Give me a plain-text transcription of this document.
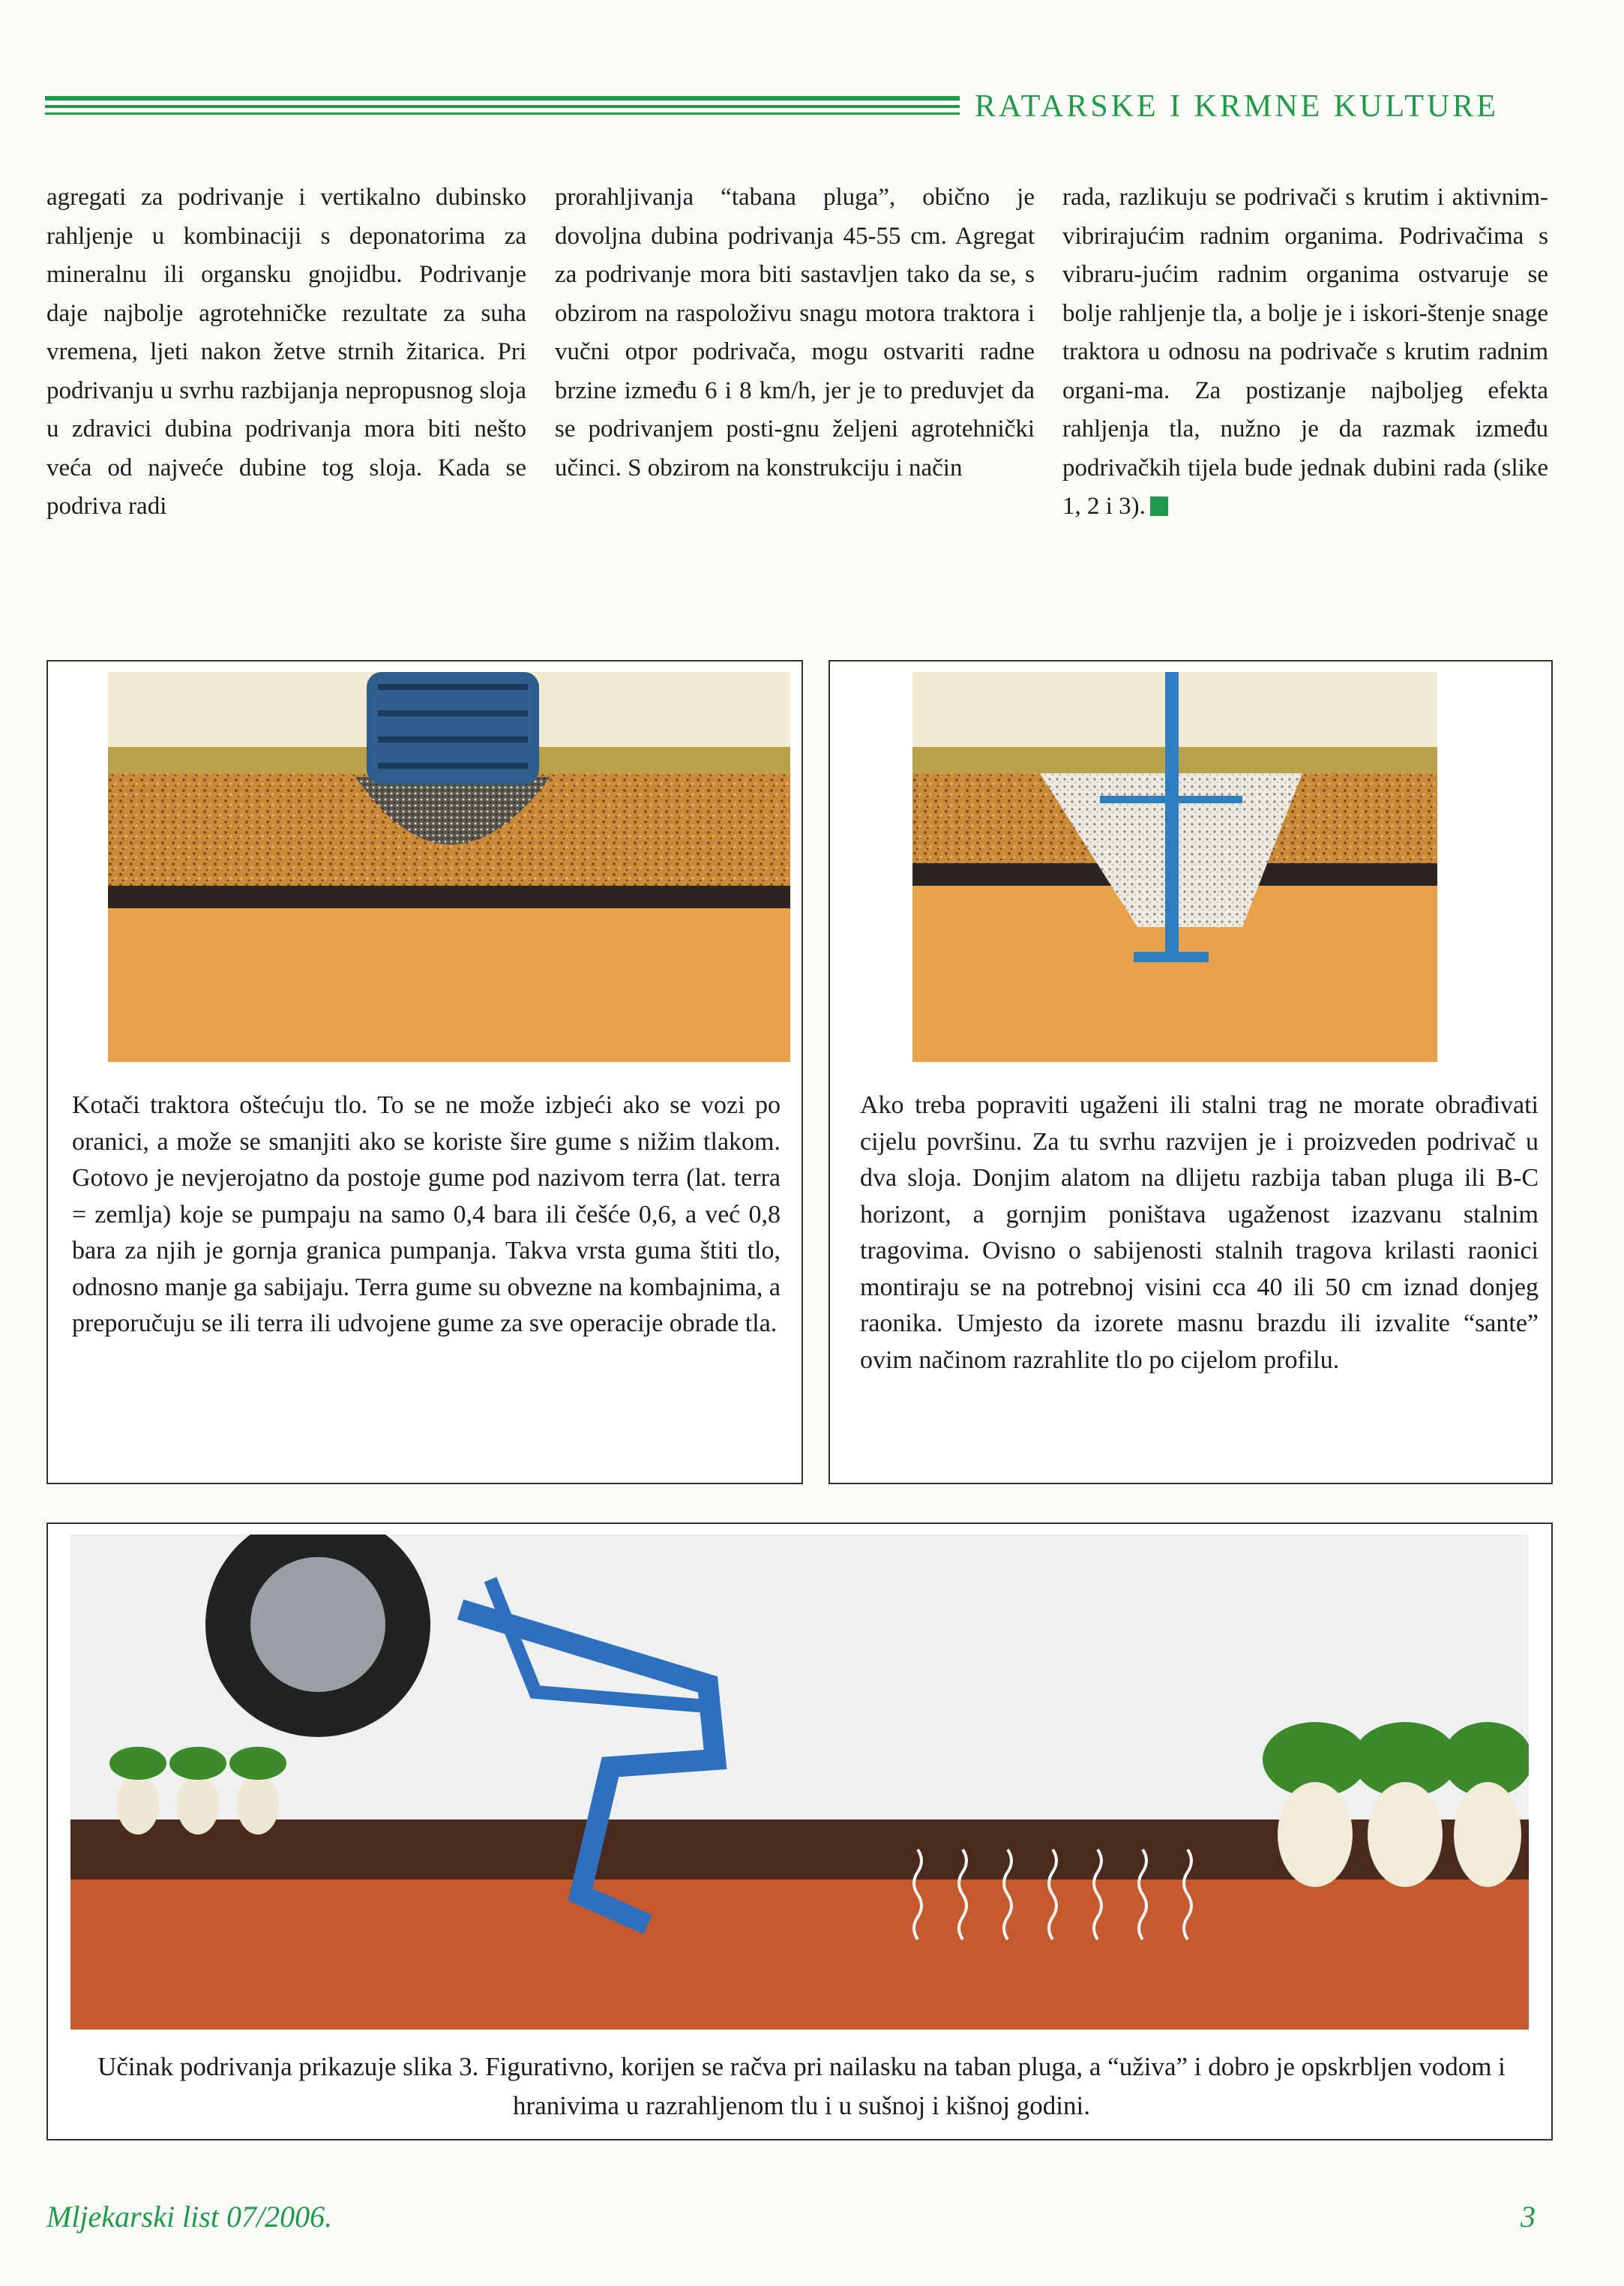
RATARSKE I KRMNE KULTURE
agregati za podrivanje i vertikalno dubinsko rahljenje u kombinaciji s deponatorima za mineralnu ili organsku gnojidbu. Podrivanje daje najbolje agrotehničke rezultate za suha vremena, ljeti nakon žetve strnih žitarica. Pri podrivanju u svrhu razbijanja nepropusnog sloja u zdravici dubina podrivanja mora biti nešto veća od najveće dubine tog sloja. Kada se podriva radi
prorahljivanja “tabana pluga”, obično je dovoljna dubina podrivanja 45-55 cm. Agregat za podrivanje mora biti sastavljen tako da se, s obzirom na raspoloživu snagu motora traktora i vučni otpor podrivača, mogu ostvariti radne brzine između 6 i 8 km/h, jer je to preduvjet da se podrivanjem posti-gnu željeni agrotehnički učinci. S obzirom na konstrukciju i način
rada, razlikuju se podrivači s krutim i aktivnim-vibrirajućim radnim organima. Podrivačima s vibraru-jućim radnim organima ostvaruje se bolje rahljenje tla, a bolje je i iskori-štenje snage traktora u odnosu na podrivače s krutim radnim organi-ma. Za postizanje najboljeg efekta rahljenja tla, nužno je da razmak između podrivačkih tijela bude jednak dubini rada (slike 1, 2 i 3).
Kotači traktora oštećuju tlo. To se ne može izbjeći ako se vozi po oranici, a može se smanjiti ako se koriste šire gume s nižim tlakom. Gotovo je nevjerojatno da postoje gume pod nazivom terra (lat. terra = zemlja) koje se pumpaju na samo 0,4 bara ili češće 0,6, a već 0,8 bara za njih je gornja granica pumpanja. Takva vrsta guma štiti tlo, odnosno manje ga sabijaju. Terra gume su obvezne na kombajnima, a preporučuju se ili terra ili udvojene gume za sve operacije obrade tla.
Ako treba popraviti ugaženi ili stalni trag ne morate obrađivati cijelu površinu. Za tu svrhu razvijen je i proizveden podrivač u dva sloja. Donjim alatom na dlijetu razbija taban pluga ili B-C horizont, a gornjim poništava ugaženost izazvanu stalnim tragovima. Ovisno o sabijenosti stalnih tragova krilasti raonici montiraju se na potrebnoj visini cca 40 ili 50 cm iznad donjeg raonika. Umjesto da izorete masnu brazdu ili izvalite “sante” ovim načinom razrahlite tlo po cijelom profilu.
Učinak podrivanja prikazuje slika 3. Figurativno, korijen se račva pri nailasku na taban pluga, a “uživa” i dobro je opskrbljen vodom i hranivima u razrahljenom tlu i u sušnoj i kišnoj godini.
Mljekarski list 07/2006.	3
